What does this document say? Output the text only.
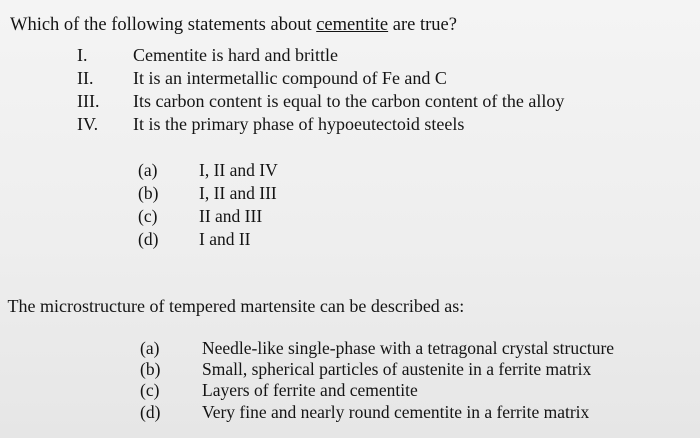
Which of the following statements about cementite are true?
I.	Cementite is hard and brittle
II. It is an intermetallic compound of Fe and C
III. Its carbon content is equal to the carbon content of the alloy
IV. It is the primary phase of hypoeutectoid steels
(a) I, II and IV
(b) I, II and III
(c) II and III
(d) I and II
The microstructure of tempered martensite can be described as:
(a) Needle-like single-phase with a tetragonal crystal structure
(b) Small, spherical particles of austenite in a ferrite matrix
(c) Layers of ferrite and cementite
(d) Very fine and nearly round cementite in a ferrite matrix
